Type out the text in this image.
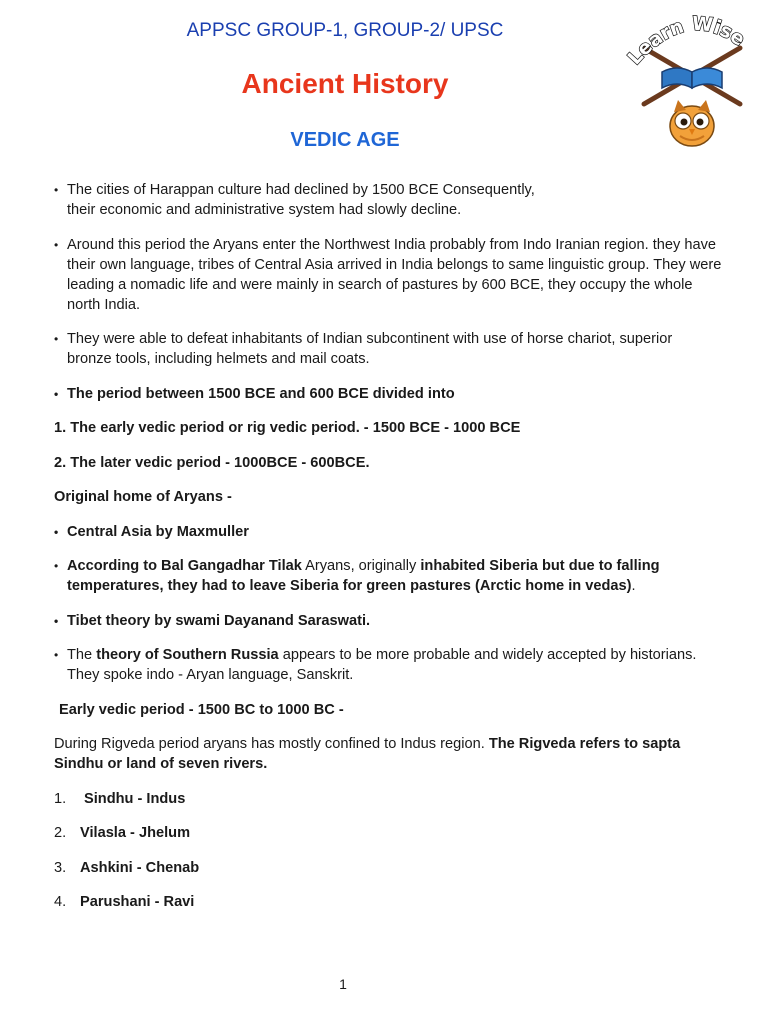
APPSC GROUP-1, GROUP-2/ UPSC
Ancient History
VEDIC AGE
Learn Wise
• The cities of Harappan culture had declined by 1500 BCE Consequently, their economic and administrative system had slowly decline.
• Around this period the Aryans enter the Northwest India probably from Indo Iranian region. they have their own language, tribes of Central Asia arrived in India belongs to same linguistic group. They were leading a nomadic life and were mainly in search of pastures by 600 BCE, they occupy the whole north India.
• They were able to defeat inhabitants of Indian subcontinent with use of horse chariot, superior bronze tools, including helmets and mail coats.
• The period between 1500 BCE and 600 BCE divided into
1. The early vedic period or rig vedic period. - 1500 BCE - 1000 BCE
2. The later vedic period - 1000BCE - 600BCE.
Original home of Aryans -
• Central Asia by Maxmuller
• According to Bal Gangadhar Tilak Aryans, originally inhabited Siberia but due to falling temperatures, they had to leave Siberia for green pastures (Arctic home in vedas).
• Tibet theory by swami Dayanand Saraswati.
• The theory of Southern Russia appears to be more probable and widely accepted by historians. They spoke indo - Aryan language, Sanskrit.
Early vedic period - 1500 BC to 1000 BC -
During Rigveda period aryans has mostly confined to Indus region. The Rigveda refers to sapta Sindhu or land of seven rivers.
1. Sindhu - Indus
2. Vilasla - Jhelum
3. Ashkini - Chenab
4. Parushani - Ravi
1
